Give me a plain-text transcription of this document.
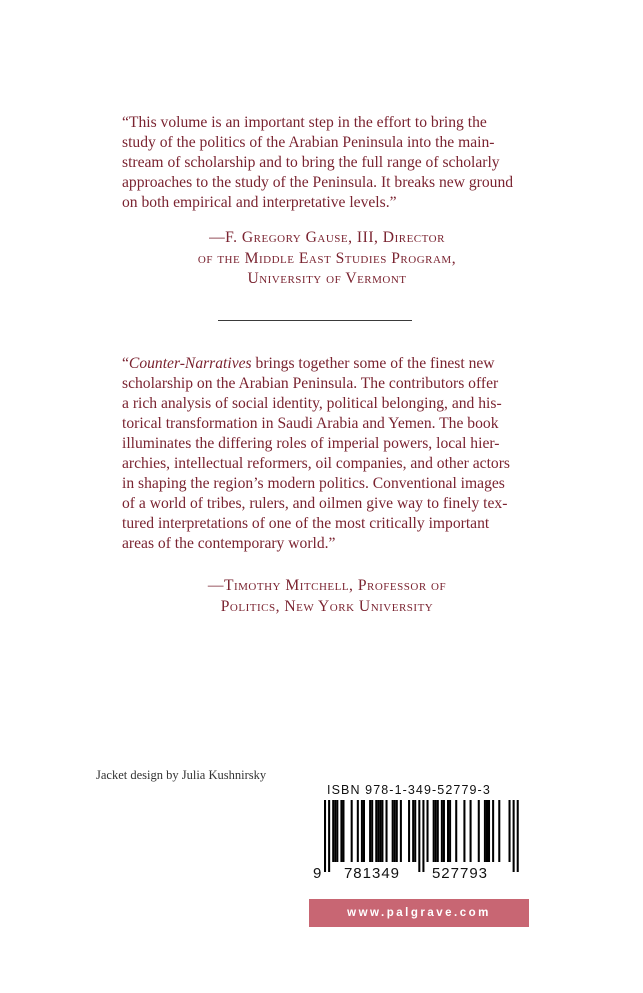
“This volume is an important step in the effort to bring the
study of the politics of the Arabian Peninsula into the main-
stream of scholarship and to bring the full range of scholarly
approaches to the study of the Peninsula. It breaks new ground
on both empirical and interpretative levels.”
—F. Gregory Gause, III, Director
of the Middle East Studies Program,
University of Vermont
“Counter-Narratives brings together some of the finest new
scholarship on the Arabian Peninsula. The contributors offer
a rich analysis of social identity, political belonging, and his-
torical transformation in Saudi Arabia and Yemen. The book
illuminates the differing roles of imperial powers, local hier-
archies, intellectual reformers, oil companies, and other actors
in shaping the region’s modern politics. Conventional images
of a world of tribes, rulers, and oilmen give way to finely tex-
tured interpretations of one of the most critically important
areas of the contemporary world.”
—Timothy Mitchell, Professor of
Politics, New York University

Jacket design by Julia Kushnirsky

ISBN 978-1-349-52779-3
9 781349 527793
www.palgrave.com
